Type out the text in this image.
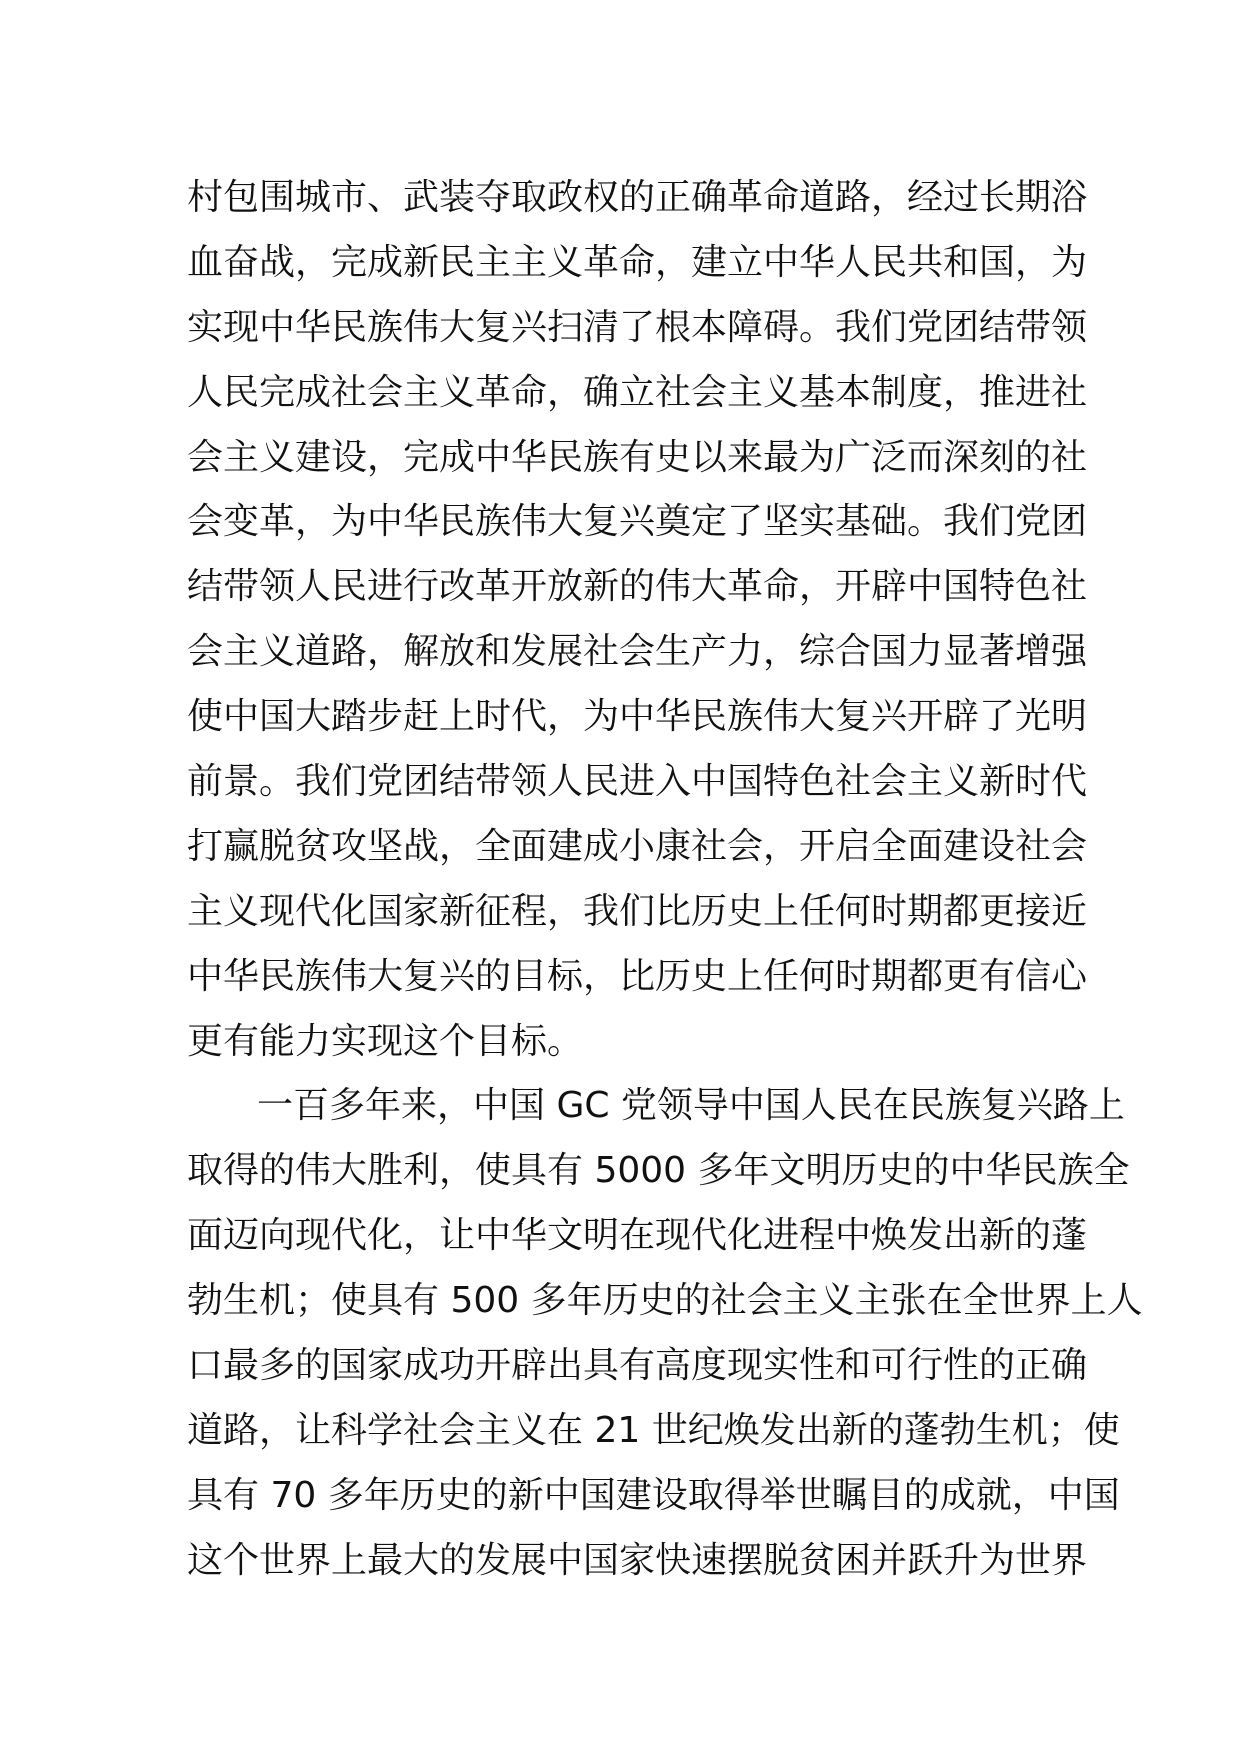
村包围城市、武装夺取政权的正确革命道路，经过长期浴
血奋战，完成新民主主义革命，建立中华人民共和国，为
实现中华民族伟大复兴扫清了根本障碍。我们党团结带领
人民完成社会主义革命，确立社会主义基本制度，推进社
会主义建设，完成中华民族有史以来最为广泛而深刻的社
会变革，为中华民族伟大复兴奠定了坚实基础。我们党团
结带领人民进行改革开放新的伟大革命，开辟中国特色社
会主义道路，解放和发展社会生产力，综合国力显著增强
使中国大踏步赶上时代，为中华民族伟大复兴开辟了光明
前景。我们党团结带领人民进入中国特色社会主义新时代
打赢脱贫攻坚战，全面建成小康社会，开启全面建设社会
主义现代化国家新征程，我们比历史上任何时期都更接近
中华民族伟大复兴的目标，比历史上任何时期都更有信心
更有能力实现这个目标。
一百多年来，中国 GC 党领导中国人民在民族复兴路上
取得的伟大胜利，使具有 5000 多年文明历史的中华民族全
面迈向现代化，让中华文明在现代化进程中焕发出新的蓬
勃生机；使具有 500 多年历史的社会主义主张在全世界上人
口最多的国家成功开辟出具有高度现实性和可行性的正确
道路，让科学社会主义在 21 世纪焕发出新的蓬勃生机；使
具有 70 多年历史的新中国建设取得举世瞩目的成就，中国
这个世界上最大的发展中国家快速摆脱贫困并跃升为世界
